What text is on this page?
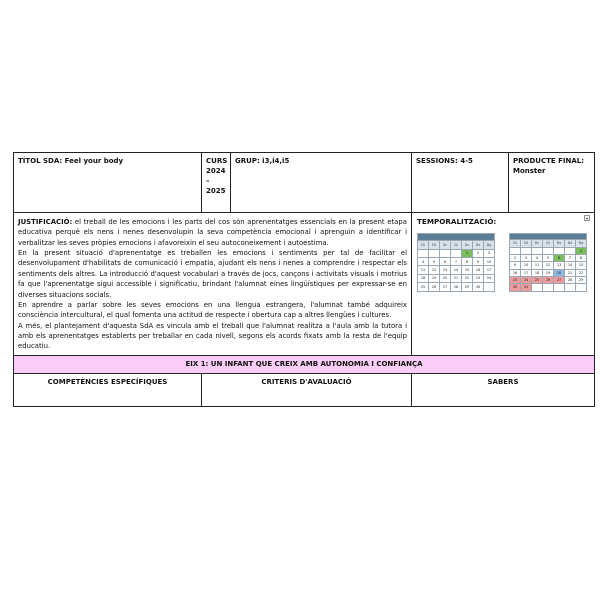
TÍTOL SDA: Feel your body	CURS 2024 – 2025	GRUP: i3,i4,i5	SESSIONS: 4-5	PRODUCTE FINAL:
Monster

JUSTIFICACIÓ: el treball de les emocions i les parts del cos són aprenentatges essencials en la present etapa educativa perquè els nens i nenes desenvolupin la seva competència emocional i aprenguin a identificar i verbalitzar les seves pròpies emocions i afavoreixin el seu autoconeixement i autoestima.

En la present situació d'aprenentatge es treballen les emocions i sentiments per tal de facilitar el desenvolupament d'habilitats de comunicació i empatia, ajudant els nens i nenes a comprendre i respectar els sentiments dels altres. La introducció d'aquest vocabulari a través de jocs, cançons i activitats visuals i motrius fa que l'aprenentatge sigui accessible i significatiu, brindant l'alumnat eines lingüístiques per expressar-se en diverses situacions socials.

En aprendre a parlar sobre les seves emocions en una llengua estrangera, l'alumnat també adquireix consciència intercultural, el qual fomenta una actitud de respecte i obertura cap a altres llengües i cultures.

A més, el plantejament d'aquesta SdA es vincula amb el treball que l'alumnat realitza a l'aula amb la tutora i amb els aprenentatges establerts per treballar en cada nivell, segons els acords fixats amb la resta de l'equip educatiu.

TEMPORALITZACIÓ:

Dl	Dt	Dc	Dj	Dv	Ds	Dg
				1	2	3
4	5	6	7	8	9	10
11	12	13	14	15	16	17
18	19	20	21	22	23	24
25	26	27	28	29	30	

Dl	Dt	Dc	Dj	Dv	Ds	Dg
						1
2	3	4	5	6	7	8
9	10	11	12	13	14	15
16	17	18	19	20	21	22
23	24	25	26	27	28	29
30	31					

EIX 1: UN INFANT QUE CREIX AMB AUTONOMIA I CONFIANÇA
COMPETÈNCIES ESPECÍFIQUES	CRITERIS D'AVALUACIÓ	SABERS
